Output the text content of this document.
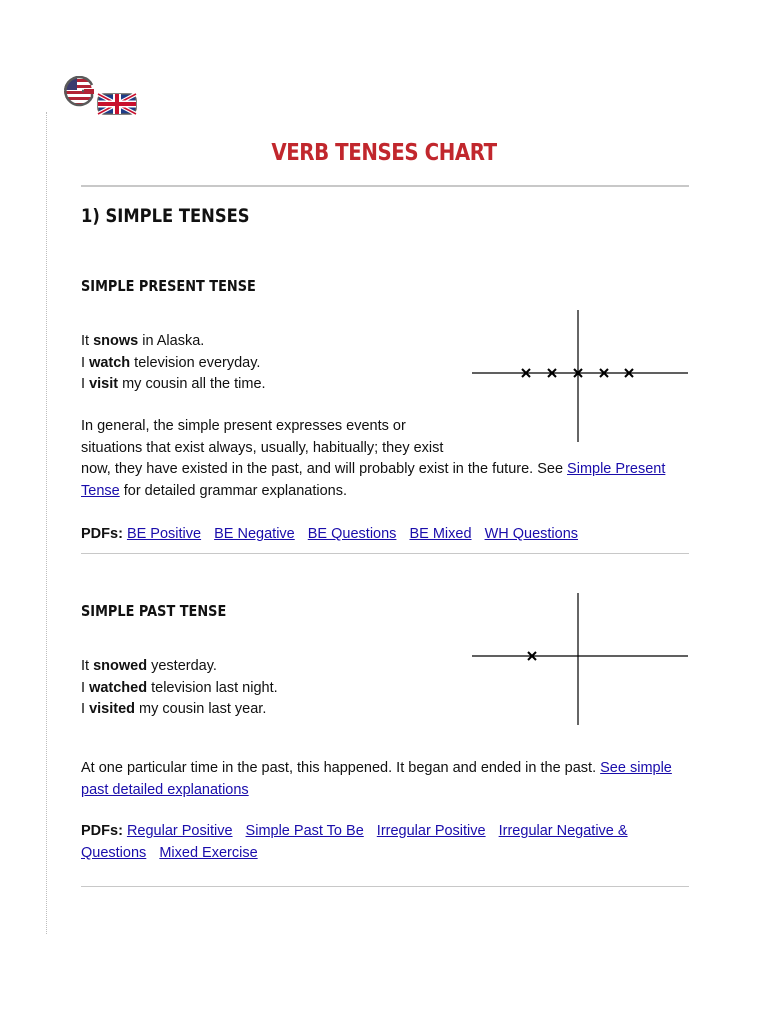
VERB TENSES CHART
1) SIMPLE TENSES
SIMPLE PRESENT TENSE
It snows in Alaska.
I watch television everyday.
I visit my cousin all the time.
In general, the simple present expresses events or
situations that exist always, usually, habitually; they exist
now, they have existed in the past, and will probably exist in the future. See Simple Present Tense for detailed grammar explanations.
PDFs: BE Positive BE Negative BE Questions BE Mixed WH Questions
SIMPLE PAST TENSE
It snowed yesterday.
I watched television last night.
I visited my cousin last year.
At one particular time in the past, this happened. It began and ended in the past. See simple past detailed explanations
PDFs: Regular Positive Simple Past To Be Irregular Positive Irregular Negative & Questions Mixed Exercise
